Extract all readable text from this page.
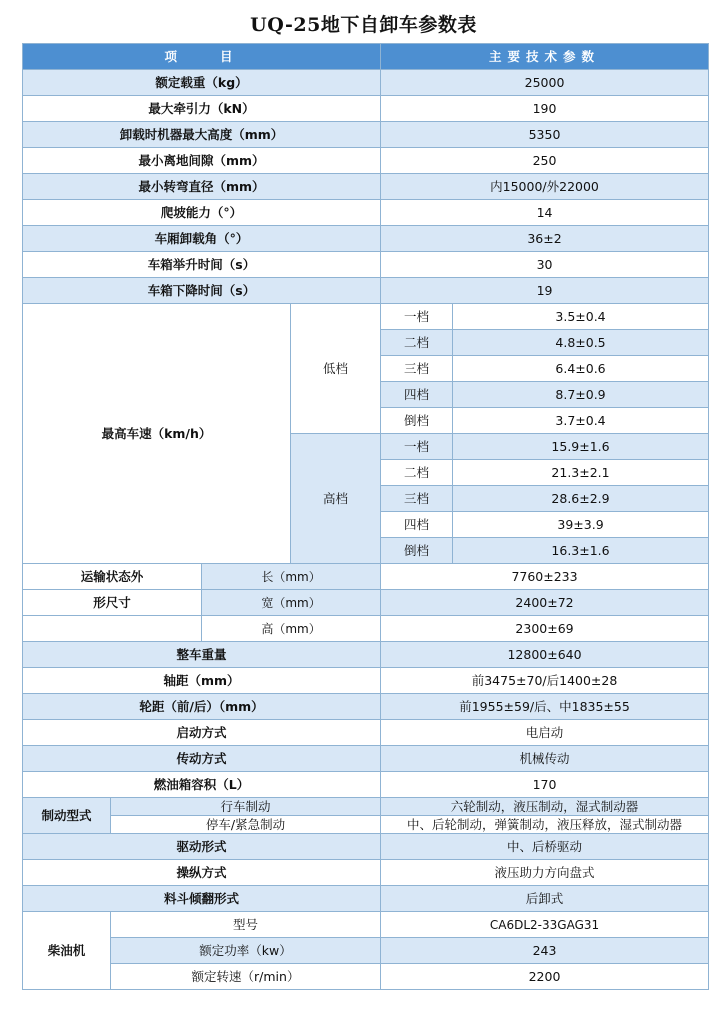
UQ-25地下自卸车参数表
项　　目				主要技术参数	
额定载重（kg）				25000	
最大牵引力（kN）				190	
卸载时机器最大高度（mm）				5350	
最小离地间隙（mm）				250	
最小转弯直径（mm）				内15000/外22000	
爬坡能力（°）				14	
车厢卸载角（°）				36±2	
车箱举升时间（s）				30	
车箱下降时间（s）				19	
最高车速（km/h）			低档	一档	3.5±0.4
				二档	4.8±0.5
				三档	6.4±0.6
				四档	8.7±0.9
				倒档	3.7±0.4
			高档	一档	15.9±1.6
				二档	21.3±2.1
				三档	28.6±2.9
				四档	39±3.9
				倒档	16.3±1.6
运输状态外		长（mm）		7760±233	
形尺寸		宽（mm）		2400±72	
		高（mm）		2300±69	
整车重量				12800±640	
轴距（mm）				前3475±70/后1400±28	
轮距（前/后）（mm）				前1955±59/后、中1835±55	
启动方式				电启动	
传动方式				机械传动	
燃油箱容积（L）				170	
制动型式	行车制动			六轮制动，液压制动，湿式制动器	
	停车/紧急制动			中、后轮制动，弹簧制动，液压释放，湿式制动器	
驱动形式				中、后桥驱动	
操纵方式				液压助力方向盘式	
料斗倾翻形式				后卸式	
柴油机	型号			CA6DL2-33GAG31	
	额定功率（kw）			243	
	额定转速（r/min）			2200	
